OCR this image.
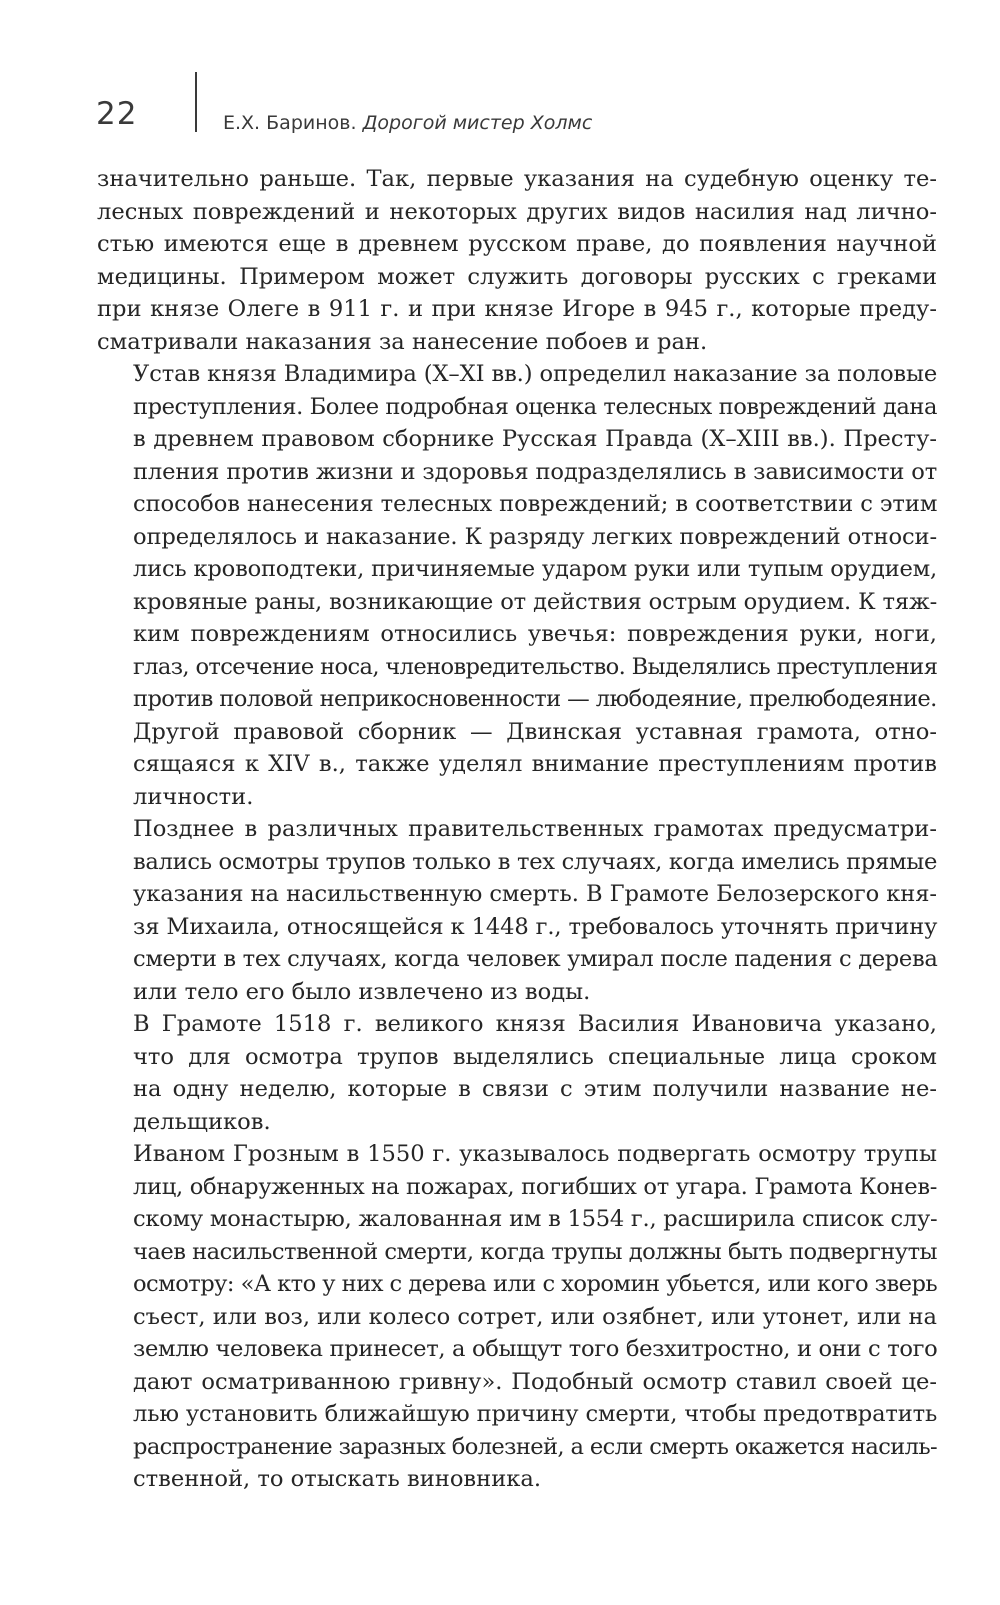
22	Е.Х. Баринов. Дорогой мистер Холмс

значительно раньше. Так, первые указания на судебную оценку те-
лесных повреждений и некоторых других видов насилия над лично-
стью имеются еще в древнем русском праве, до появления научной
медицины. Примером может служить договоры русских с греками
при князе Олеге в 911 г. и при князе Игоре в 945 г., которые преду-
сматривали наказания за нанесение побоев и ран.

Устав князя Владимира (X–XI вв.) определил наказание за половые
преступления. Более подробная оценка телесных повреждений дана
в древнем правовом сборнике Русская Правда (X–XIII вв.). Престу-
пления против жизни и здоровья подразделялись в зависимости от
способов нанесения телесных повреждений; в соответствии с этим
определялось и наказание. К разряду легких повреждений относи-
лись кровоподтеки, причиняемые ударом руки или тупым орудием,
кровяные раны, возникающие от действия острым орудием. К тяж-
ким повреждениям относились увечья: повреждения руки, ноги,
глаз, отсечение носа, членовредительство. Выделялись преступления
против половой неприкосновенности — любодеяние, прелюбодеяние.

Другой правовой сборник — Двинская уставная грамота, отно-
сящаяся к XIV в., также уделял внимание преступлениям против
личности.

Позднее в различных правительственных грамотах предусматри-
вались осмотры трупов только в тех случаях, когда имелись прямые
указания на насильственную смерть. В Грамоте Белозерского кня-
зя Михаила, относящейся к 1448 г., требовалось уточнять причину
смерти в тех случаях, когда человек умирал после падения с дерева
или тело его было извлечено из воды.

В Грамоте 1518 г. великого князя Василия Ивановича указано,
что для осмотра трупов выделялись специальные лица сроком
на одну неделю, которые в связи с этим получили название не-
дельщиков.

Иваном Грозным в 1550 г. указывалось подвергать осмотру трупы
лиц, обнаруженных на пожарах, погибших от угара. Грамота Конев-
скому монастырю, жалованная им в 1554 г., расширила список слу-
чаев насильственной смерти, когда трупы должны быть подвергнуты
осмотру: «А кто у них с дерева или с хоромин убьется, или кого зверь
съест, или воз, или колесо сотрет, или озябнет, или утонет, или на
землю человека принесет, а обыщут того безхитростно, и они с того
дают осматриванною гривну». Подобный осмотр ставил своей це-
лью установить ближайшую причину смерти, чтобы предотвратить
распространение заразных болезней, а если смерть окажется насиль-
ственной, то отыскать виновника.
